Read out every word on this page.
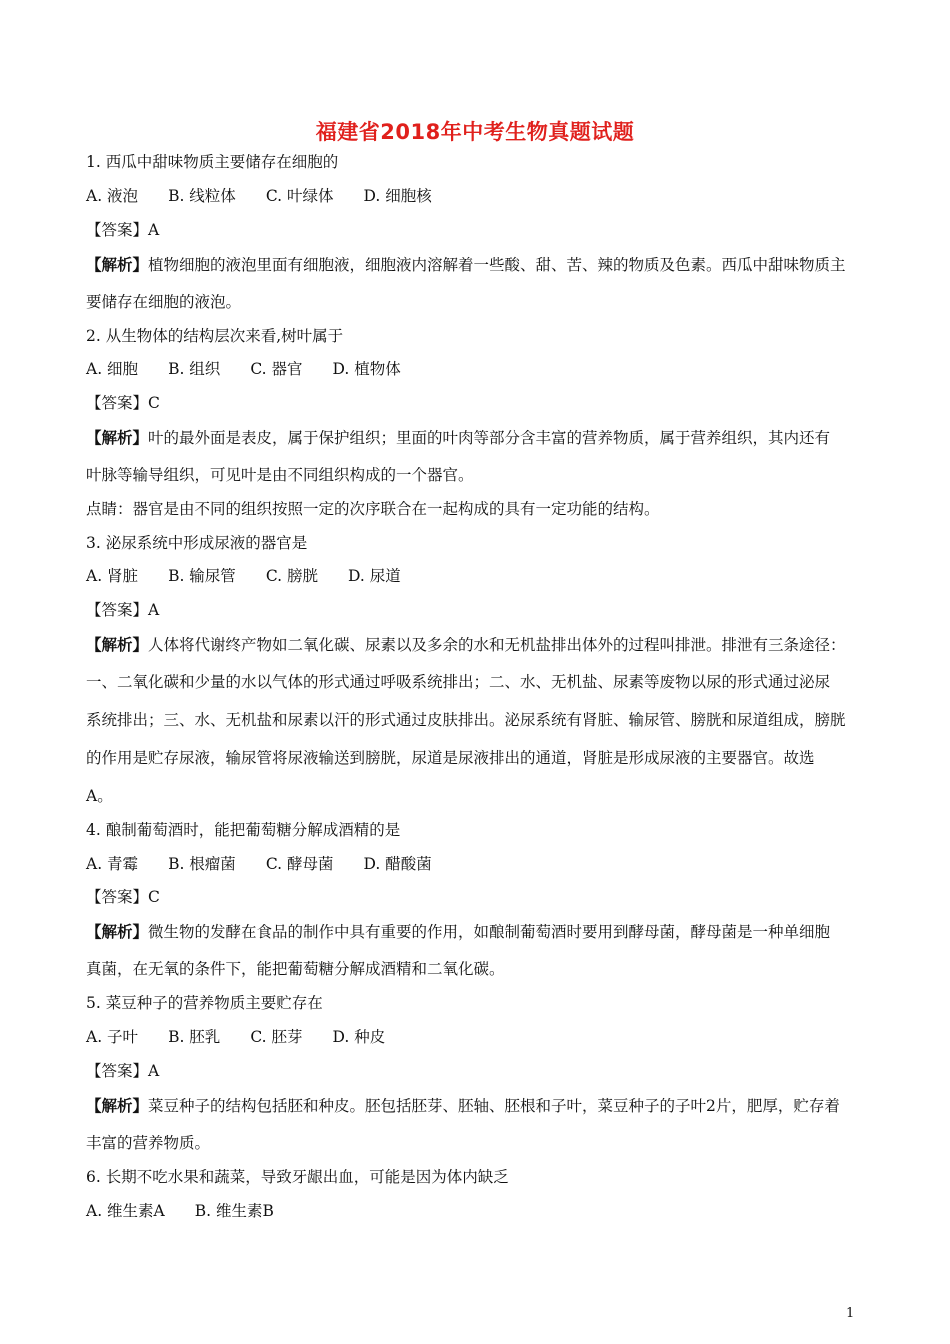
福建省2018年中考生物真题试题
1. 西瓜中甜味物质主要储存在细胞的
A. 液泡 B. 线粒体 C. 叶绿体 D. 细胞核
【答案】A
【解析】植物细胞的液泡里面有细胞液，细胞液内溶解着一些酸、甜、苦、辣的物质及色素。西瓜中甜味物质主
要储存在细胞的液泡。
2. 从生物体的结构层次来看,树叶属于
A. 细胞 B. 组织 C. 器官 D. 植物体
【答案】C
【解析】叶的最外面是表皮，属于保护组织；里面的叶肉等部分含丰富的营养物质，属于营养组织，其内还有
叶脉等输导组织，可见叶是由不同组织构成的一个器官。
点睛：器官是由不同的组织按照一定的次序联合在一起构成的具有一定功能的结构。
3. 泌尿系统中形成尿液的器官是
A. 肾脏 B. 输尿管 C. 膀胱 D. 尿道
【答案】A
【解析】人体将代谢终产物如二氧化碳、尿素以及多余的水和无机盐排出体外的过程叫排泄。排泄有三条途径：
一、二氧化碳和少量的水以气体的形式通过呼吸系统排出；二、水、无机盐、尿素等废物以尿的形式通过泌尿
系统排出；三、水、无机盐和尿素以汗的形式通过皮肤排出。泌尿系统有肾脏、输尿管、膀胱和尿道组成，膀胱
的作用是贮存尿液，输尿管将尿液输送到膀胱，尿道是尿液排出的通道，肾脏是形成尿液的主要器官。故选
A。
4. 酿制葡萄酒时，能把葡萄糖分解成酒精的是
A. 青霉 B. 根瘤菌 C. 酵母菌 D. 醋酸菌
【答案】C
【解析】微生物的发酵在食品的制作中具有重要的作用，如酿制葡萄酒时要用到酵母菌，酵母菌是一种单细胞
真菌，在无氧的条件下，能把葡萄糖分解成酒精和二氧化碳。
5. 菜豆种子的营养物质主要贮存在
A. 子叶 B. 胚乳 C. 胚芽 D. 种皮
【答案】A
【解析】菜豆种子的结构包括胚和种皮。胚包括胚芽、胚轴、胚根和子叶，菜豆种子的子叶2片，肥厚，贮存着
丰富的营养物质。
6. 长期不吃水果和蔬菜，导致牙龈出血，可能是因为体内缺乏
A. 维生素A B. 维生素B
1
